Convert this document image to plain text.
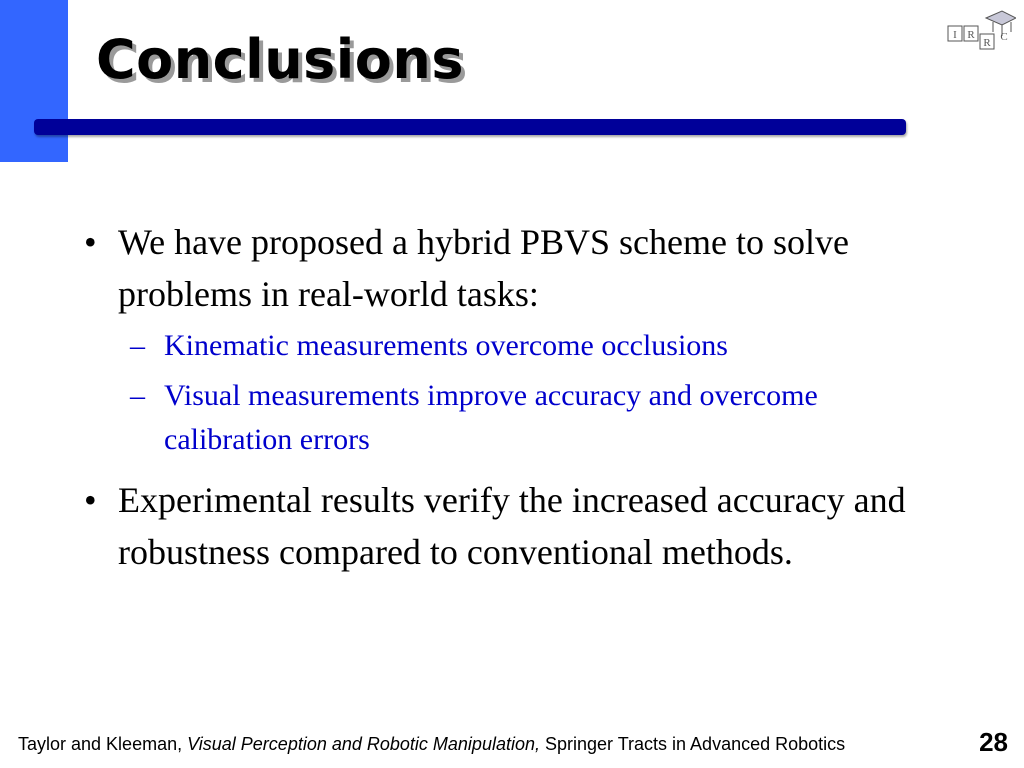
Conclusions	I R
R C
• We have proposed a hybrid PBVS scheme to solve problems in real-world tasks:
– Kinematic measurements overcome occlusions
– Visual measurements improve accuracy and overcome calibration errors
• Experimental results verify the increased accuracy and robustness compared to conventional methods.
Taylor and Kleeman, Visual Perception and Robotic Manipulation, Springer Tracts in Advanced Robotics	28
